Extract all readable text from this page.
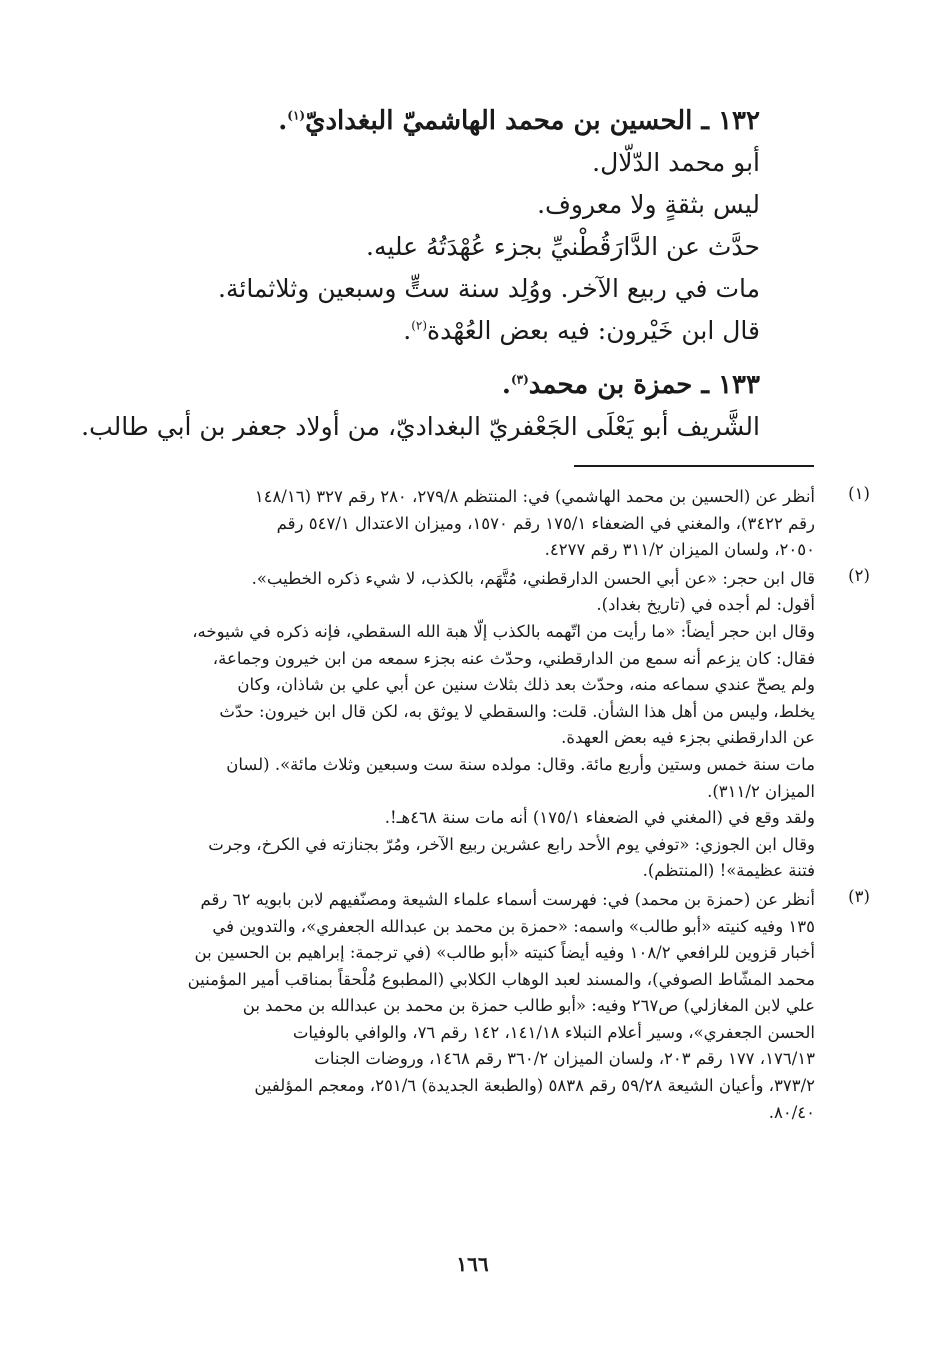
١٣٢ ـ الحسين بن محمد الهاشميّ البغداديّ$^{(١)}$.
أبو محمد الدّلّال.
ليس بثقةٍ ولا معروف.
حدَّث عن الدَّارَقُطْنيِّ بجزء عُهْدَتُهُ عليه.
مات في ربيع الآخر. ووُلِد سنة ستٍّ وسبعين وثلاثمائة.
قال ابن خَيْرون: فيه بعض العُهْدة$^{(٢)}$.
١٣٣ ـ حمزة بن محمد$^{(٣)}$.
الشَّريف أبو يَعْلَى الجَعْفريّ البغداديّ، من أولاد جعفر بن أبي طالب.
(١)
أنظر عن (الحسين بن محمد الهاشمي) في: المنتظم ٢٧٩/٨، ٢٨٠ رقم ٣٢٧ (١٤٨/١٦
رقم ٣٤٢٢)، والمغني في الضعفاء ١٧٥/١ رقم ١٥٧٠، وميزان الاعتدال ٥٤٧/١ رقم
٢٠٥٠، ولسان الميزان ٣١١/٢ رقم ٤٢٧٧.
(٢)
قال ابن حجر: «عن أبي الحسن الدارقطني، مُتَّهَم، بالكذب، لا شيء ذكره الخطيب».
أقول: لم أجده في (تاريخ بغداد).
وقال ابن حجر أيضاً: «ما رأيت من اتّهمه بالكذب إلّا هبة الله السقطي، فإنه ذكره في شيوخه،
فقال: كان يزعم أنه سمع من الدارقطني، وحدّث عنه بجزء سمعه من ابن خيرون وجماعة،
ولم يصحّ عندي سماعه منه، وحدّث بعد ذلك بثلاث سنين عن أبي علي بن شاذان، وكان
يخلط، وليس من أهل هذا الشأن. قلت: والسقطي لا يوثق به، لكن قال ابن خيرون: حدّث
عن الدارقطني بجزء فيه بعض العهدة.
مات سنة خمس وستين وأربع مائة. وقال: مولده سنة ست وسبعين وثلاث مائة». (لسان
الميزان ٣١١/٢).
ولقد وقع في (المغني في الضعفاء ١٧٥/١) أنه مات سنة ٤٦٨هـ!.
وقال ابن الجوزي: «توفي يوم الأحد رابع عشرين ربيع الآخر، ومُرّ بجنازته في الكرخ، وجرت
فتنة عظيمة»! (المنتظم).
(٣)
أنظر عن (حمزة بن محمد) في: فهرست أسماء علماء الشيعة ومصنّفيهم لابن بابويه ٦٢ رقم
١٣٥ وفيه كنيته «أبو طالب» واسمه: «حمزة بن محمد بن عبدالله الجعفري»، والتدوين في
أخبار قزوين للرافعي ١٠٨/٢ وفيه أيضاً كنيته «أبو طالب» (في ترجمة: إبراهيم بن الحسين بن
محمد المشّاط الصوفي)، والمسند لعبد الوهاب الكلابي (المطبوع مُلْحقاً بمناقب أمير المؤمنين
علي لابن المغازلي) ص٢٦٧ وفيه: «أبو طالب حمزة بن محمد بن عبدالله بن محمد بن
الحسن الجعفري»، وسير أعلام النبلاء ١٤١/١٨، ١٤٢ رقم ٧٦، والوافي بالوفيات
١٧٦/١٣، ١٧٧ رقم ٢٠٣، ولسان الميزان ٣٦٠/٢ رقم ١٤٦٨، وروضات الجنات
٣٧٣/٢، وأعيان الشيعة ٥٩/٢٨ رقم ٥٨٣٨ (والطبعة الجديدة) ٢٥١/٦، ومعجم المؤلفين
٨٠/٤٠.
١٦٦
